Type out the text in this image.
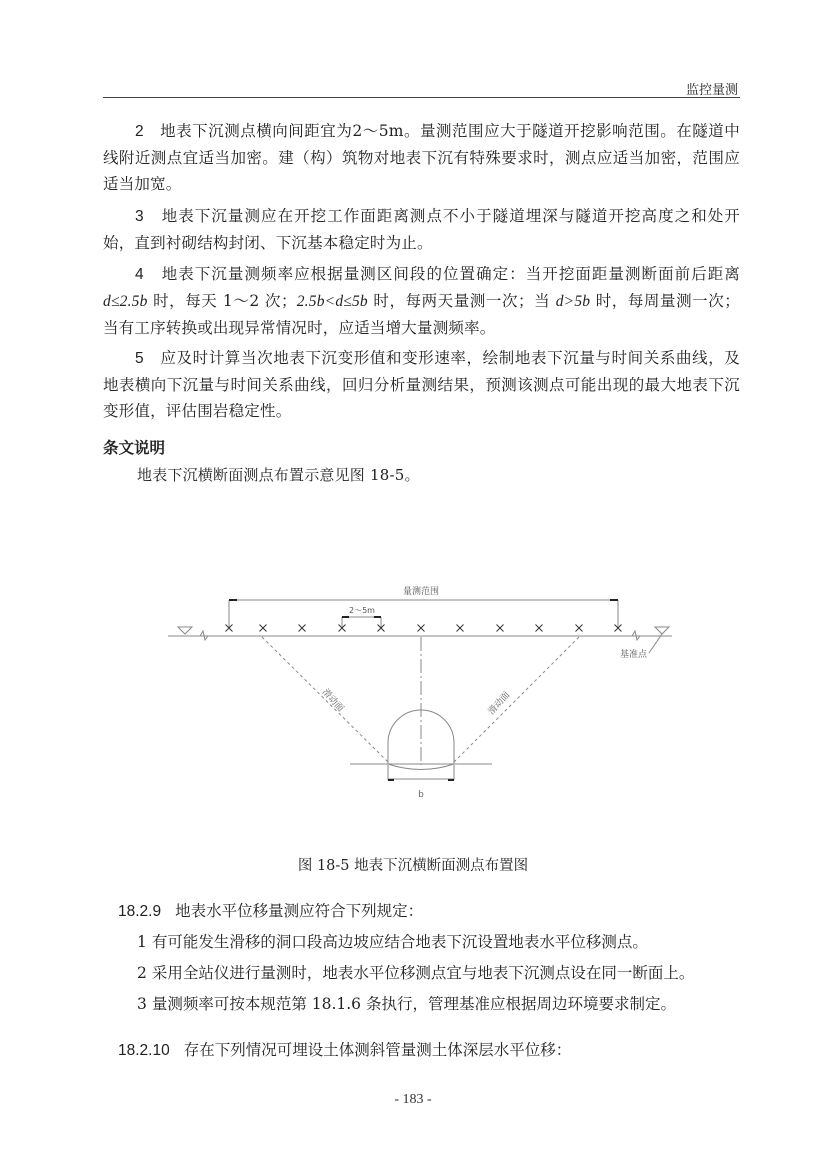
监控量测
2 地表下沉测点横向间距宜为2～5m。量测范围应大于隧道开挖影响范围。在隧道中线附近测点宜适当加密。建（构）筑物对地表下沉有特殊要求时，测点应适当加密，范围应适当加宽。
3 地表下沉量测应在开挖工作面距离测点不小于隧道埋深与隧道开挖高度之和处开始，直到衬砌结构封闭、下沉基本稳定时为止。
4 地表下沉量测频率应根据量测区间段的位置确定：当开挖面距量测断面前后距离 d≤2.5b 时，每天 1～2 次；2.5b<d≤5b 时，每两天量测一次；当 d>5b 时，每周量测一次；当有工序转换或出现异常情况时，应适当增大量测频率。
5 应及时计算当次地表下沉变形值和变形速率，绘制地表下沉量与时间关系曲线，及地表横向下沉量与时间关系曲线，回归分析量测结果，预测该测点可能出现的最大地表下沉变形值，评估围岩稳定性。
条文说明
地表下沉横断面测点布置示意见图 18-5。
量测范围
2～5m
基准点
滑动面	滑动面
b
图 18-5 地表下沉横断面测点布置图
18.2.9 地表水平位移量测应符合下列规定：
1 有可能发生滑移的洞口段高边坡应结合地表下沉设置地表水平位移测点。
2 采用全站仪进行量测时，地表水平位移测点宜与地表下沉测点设在同一断面上。
3 量测频率可按本规范第 18.1.6 条执行，管理基准应根据周边环境要求制定。
18.2.10 存在下列情况可埋设土体测斜管量测土体深层水平位移：
- 183 -
